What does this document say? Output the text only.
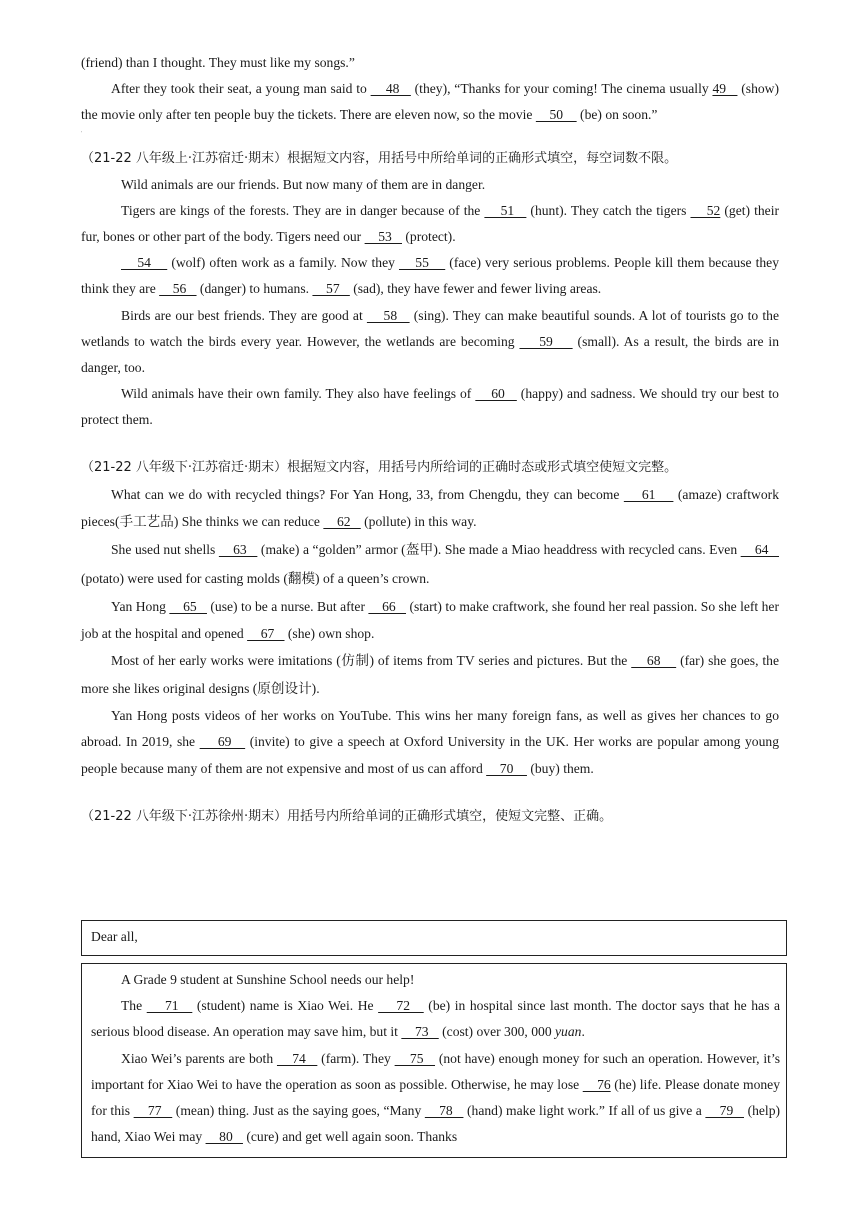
(friend) than I thought. They must like my songs.”

After they took their seat, a young man said to     48    (they), “Thanks for your coming! The cinema usually 49    (show) the movie only after ten people buy the tickets. There are eleven now, so the movie     50     (be) on soon.”

'

（21-22 八年级上·江苏宿迁·期末）根据短文内容，用括号中所给单词的正确形式填空，每空词数不限。

Wild animals are our friends. But now many of them are in danger.

Tigers are kings of the forests. They are in danger because of the     51    (hunt). They catch the tigers     52 (get) their fur, bones or other part of the body. Tigers need our     53    (protect).

54     (wolf) often work as a family. Now they     55     (face) very serious problems. People kill them because they think they are     56    (danger) to humans.     57    (sad), they have fewer and fewer living areas.

Birds are our best friends. They are good at     58    (sing). They can make beautiful sounds. A lot of tourists go to the wetlands to watch the birds every year. However, the wetlands are becoming     59     (small). As a result, the birds are in danger, too.

Wild animals have their own family. They also have feelings of     60    (happy) and sadness. We should try our best to protect them.

（21-22 八年级下·江苏宿迁·期末）根据短文内容，用括号内所给词的正确时态或形式填空使短文完整。

What can we do with recycled things? For Yan Hong, 33, from Chengdu, they can become     61     (amaze) craftwork pieces(手工艺品) She thinks we can reduce     62    (pollute) in this way.

She used nut shells     63    (make) a “golden” armor (盔甲). She made a Miao headdress with recycled cans. Even     64    (potato) were used for casting molds (翻模) of a queen’s crown.

Yan Hong     65    (use) to be a nurse. But after     66    (start) to make craftwork, she found her real passion. So she left her job at the hospital and opened     67    (she) own shop.

Most of her early works were imitations (仿制) of items from TV series and pictures. But the     68     (far) she goes, the more she likes original designs (原创设计).

Yan Hong posts videos of her works on YouTube. This wins her many foreign fans, as well as gives her chances to go abroad. In 2019, she     69    (invite) to give a speech at Oxford University in the UK. Her works are popular among young people because many of them are not expensive and most of us can afford     70     (buy) them.

（21-22 八年级下·江苏徐州·期末）用括号内所给单词的正确形式填空，使短文完整、正确。

Dear all,

A Grade 9 student at Sunshine School needs our help!

The     71    (student) name is Xiao Wei. He     72    (be) in hospital since last month. The doctor says that he has a serious blood disease. An operation may save him, but it     73    (cost) over 300, 000 yuan.

Xiao Wei’s parents are both     74    (farm). They     75    (not have) enough money for such an operation. However, it’s important for Xiao Wei to have the operation as soon as possible. Otherwise, he may lose     76 (he) life. Please donate money for this     77    (mean) thing. Just as the saying goes, “Many     78    (hand) make light work.” If all of us give a     79    (help) hand, Xiao Wei may     80    (cure) and get well again soon. Thanks
